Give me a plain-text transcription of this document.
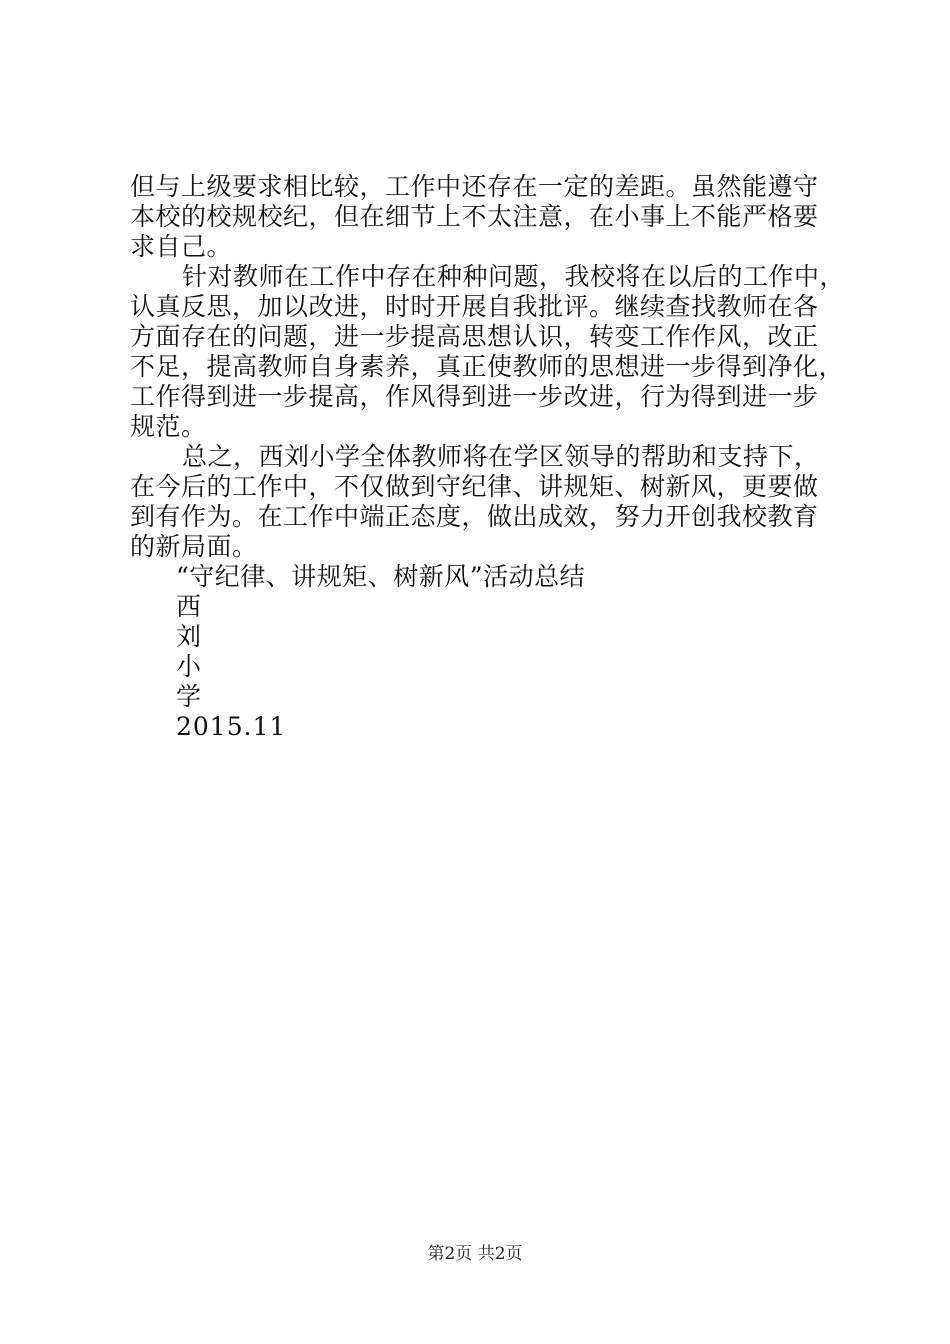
但与上级要求相比较，工作中还存在一定的差距。虽然能遵守
本校的校规校纪，但在细节上不太注意，在小事上不能严格要
求自己。
针对教师在工作中存在种种问题，我校将在以后的工作中，
认真反思，加以改进，时时开展自我批评。继续查找教师在各
方面存在的问题，进一步提高思想认识，转变工作作风，改正
不足，提高教师自身素养，真正使教师的思想进一步得到净化，
工作得到进一步提高，作风得到进一步改进，行为得到进一步
规范。
总之，西刘小学全体教师将在学区领导的帮助和支持下，
在今后的工作中，不仅做到守纪律、讲规矩、树新风，更要做
到有作为。在工作中端正态度，做出成效，努力开创我校教育
的新局面。
“守纪律、讲规矩、树新风”活动总结
西
刘
小
学
2015.11
第2页 共2页
